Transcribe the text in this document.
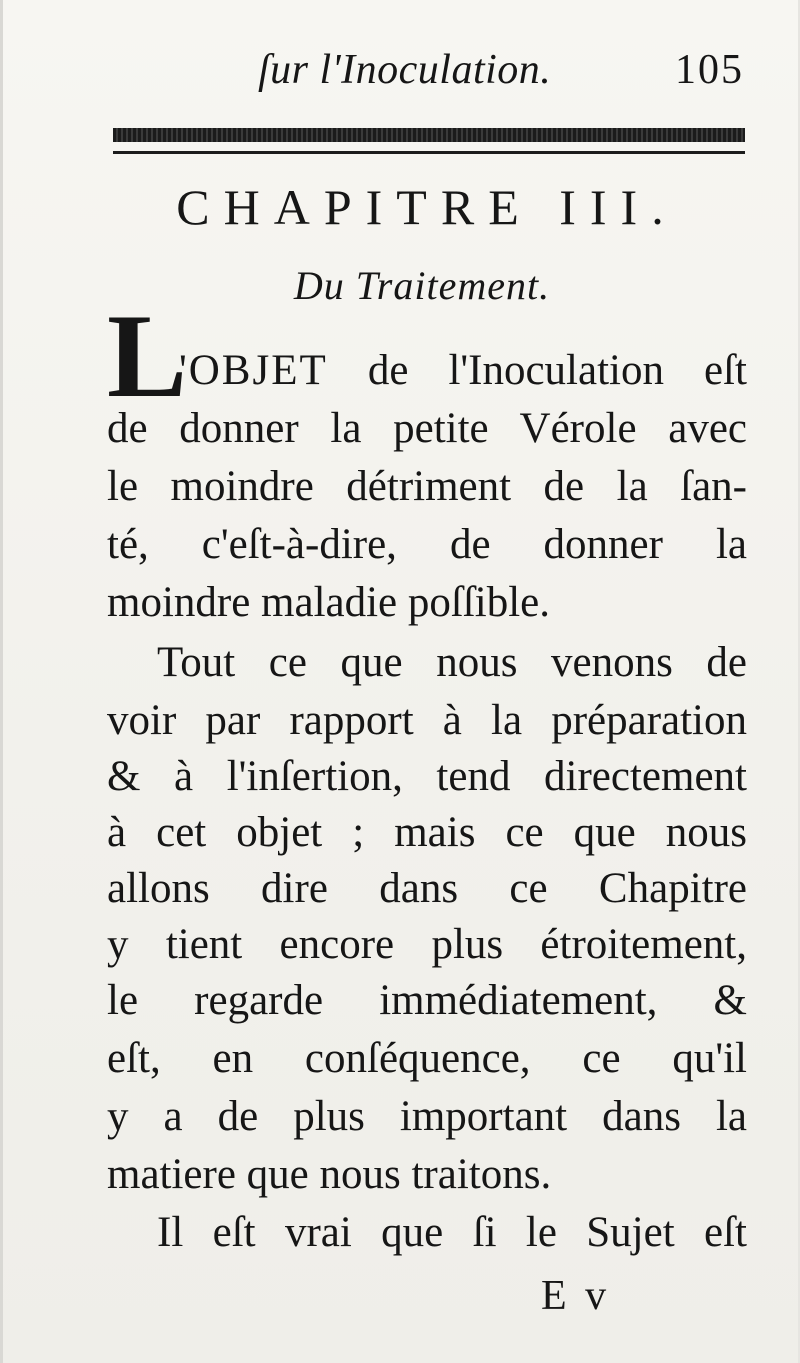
ſur l'Inoculation.	105
CHAPITRE III.
Du Traitement.
L
'OBJET de l'Inoculation eſt
de donner la petite Vérole avec
le moindre détriment de la ſan-
té, c'eſt-à-dire, de donner la
moindre maladie poſſible.
Tout ce que nous venons de
voir par rapport à la préparation
& à l'inſertion, tend directement
à cet objet ; mais ce que nous
allons dire dans ce Chapitre
y tient encore plus étroitement,
le regarde immédiatement, &
eſt, en conſéquence, ce qu'il
y a de plus important dans la
matiere que nous traitons.
Il eſt vrai que ſi le Sujet eſt
E v
